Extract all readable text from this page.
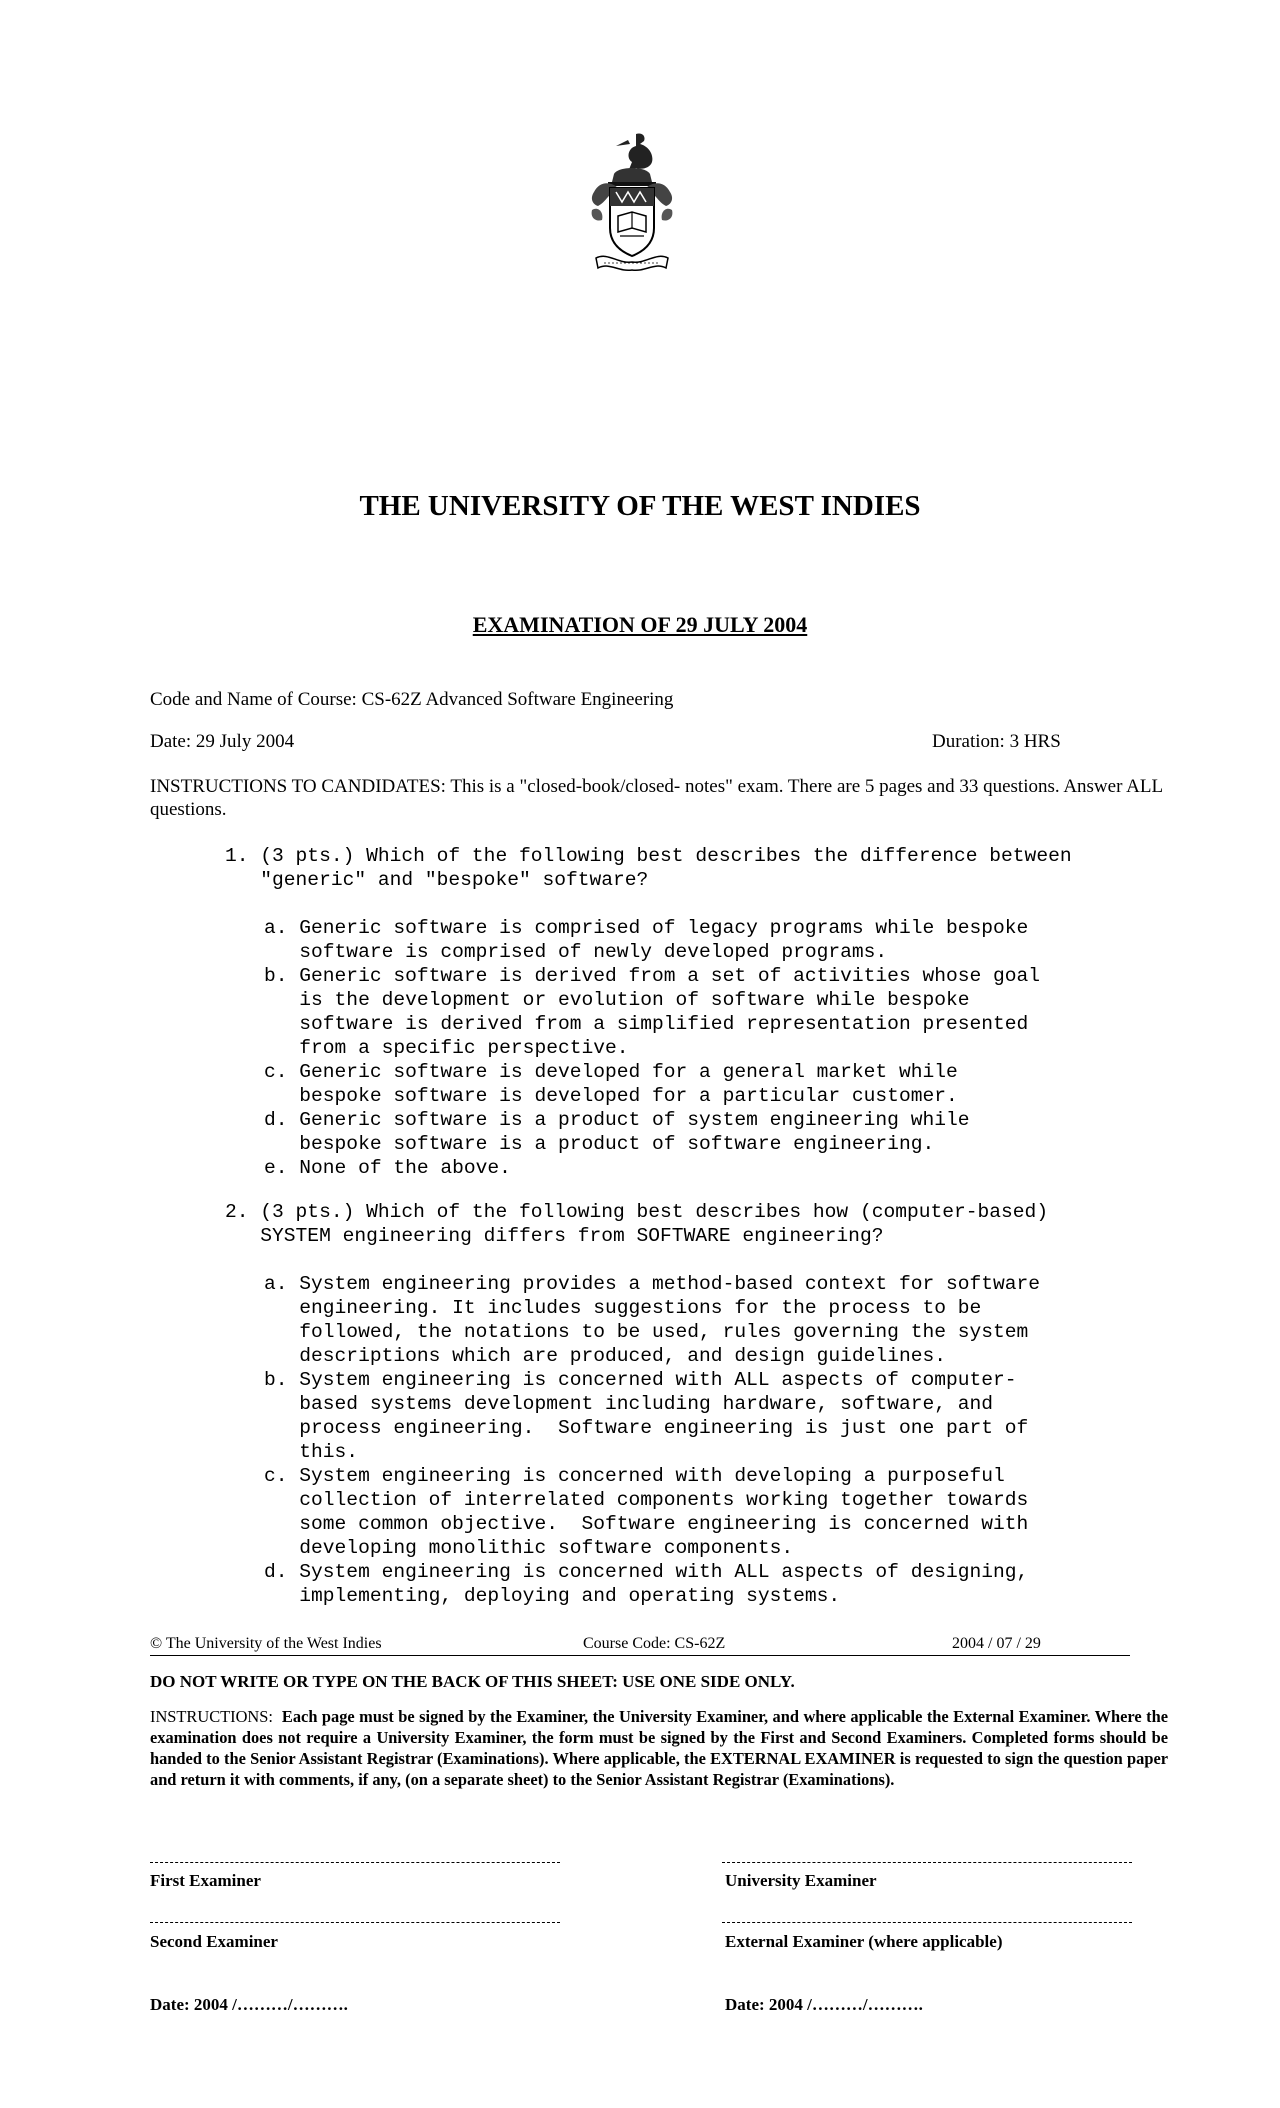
THE UNIVERSITY OF THE WEST INDIES
EXAMINATION OF 29 JULY 2004
Code and Name of Course: CS-62Z Advanced Software Engineering
Date: 29 July 2004	Duration: 3 HRS
INSTRUCTIONS TO CANDIDATES: This is a "closed-book/closed- notes" exam. There are 5 pages and 33 questions. Answer ALL questions.
1. (3 pts.) Which of the following best describes the difference between
"generic" and "bespoke" software?
a. Generic software is comprised of legacy programs while bespoke
software is comprised of newly developed programs.
b. Generic software is derived from a set of activities whose goal
is the development or evolution of software while bespoke
software is derived from a simplified representation presented
from a specific perspective.
c. Generic software is developed for a general market while
bespoke software is developed for a particular customer.
d. Generic software is a product of system engineering while
bespoke software is a product of software engineering.
e. None of the above.
2. (3 pts.) Which of the following best describes how (computer-based)
SYSTEM engineering differs from SOFTWARE engineering?
a. System engineering provides a method-based context for software
engineering. It includes suggestions for the process to be
followed, the notations to be used, rules governing the system
descriptions which are produced, and design guidelines.
b. System engineering is concerned with ALL aspects of computer-
based systems development including hardware, software, and
process engineering.  Software engineering is just one part of
this.
c. System engineering is concerned with developing a purposeful
collection of interrelated components working together towards
some common objective.  Software engineering is concerned with
developing monolithic software components.
d. System engineering is concerned with ALL aspects of designing,
implementing, deploying and operating systems.
© The University of the West Indies	Course Code: CS-62Z	2004 / 07 / 29
DO NOT WRITE OR TYPE ON THE BACK OF THIS SHEET: USE ONE SIDE ONLY.
INSTRUCTIONS: Each page must be signed by the Examiner, the University Examiner, and where applicable the External Examiner. Where the examination does not require a University Examiner, the form must be signed by the First and Second Examiners. Completed forms should be handed to the Senior Assistant Registrar (Examinations). Where applicable, the EXTERNAL EXAMINER is requested to sign the question paper and return it with comments, if any, (on a separate sheet) to the Senior Assistant Registrar (Examinations).
First Examiner	University Examiner
Second Examiner	External Examiner (where applicable)
Date: 2004 /………/……….	Date: 2004 /………/……….
